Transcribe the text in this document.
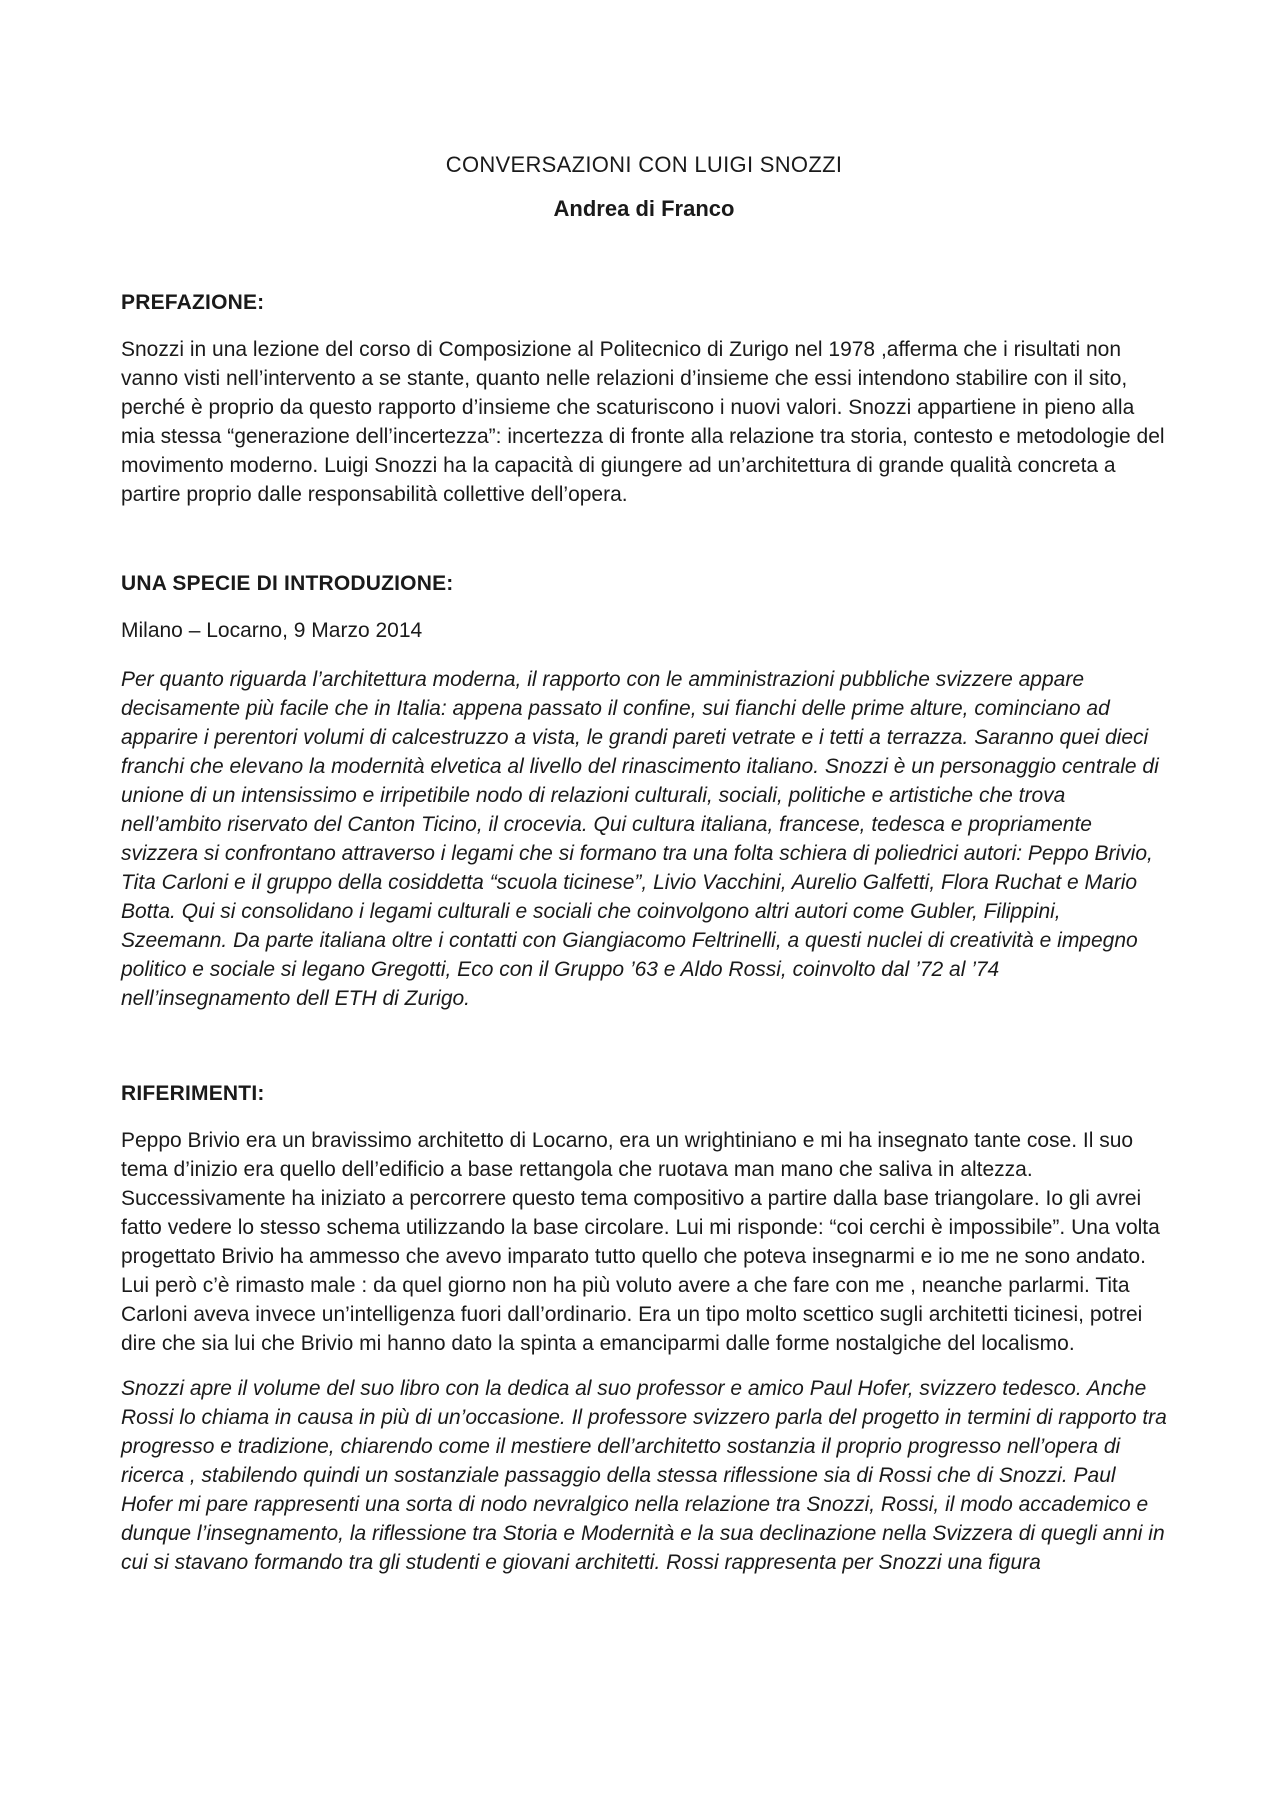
CONVERSAZIONI CON LUIGI SNOZZI
Andrea di Franco
PREFAZIONE:

Snozzi in una lezione del corso di Composizione al Politecnico di Zurigo nel 1978 ,afferma che i risultati non vanno visti nell’intervento a se stante, quanto nelle relazioni d’insieme che essi intendono stabilire con il sito, perché è proprio da questo rapporto d’insieme che scaturiscono i nuovi valori. Snozzi appartiene in pieno alla mia stessa “generazione dell’incertezza”: incertezza di fronte alla relazione tra storia, contesto e metodologie del movimento moderno. Luigi Snozzi ha la capacità di giungere ad un’architettura di grande qualità concreta a partire proprio dalle responsabilità collettive dell’opera.

UNA SPECIE DI INTRODUZIONE:

Milano – Locarno, 9 Marzo 2014

Per quanto riguarda l’architettura moderna, il rapporto con le amministrazioni pubbliche svizzere appare decisamente più facile che in Italia: appena passato il confine, sui fianchi delle prime alture, cominciano ad apparire i perentori volumi di calcestruzzo a vista, le grandi pareti vetrate e i tetti a terrazza. Saranno quei dieci franchi che elevano la modernità elvetica al livello del rinascimento italiano. Snozzi è un personaggio centrale di unione di un intensissimo e irripetibile nodo di relazioni culturali, sociali, politiche e artistiche che trova nell’ambito riservato del Canton Ticino, il crocevia. Qui cultura italiana, francese, tedesca e propriamente svizzera si confrontano attraverso i legami che si formano tra una folta schiera di poliedrici autori: Peppo Brivio, Tita Carloni e il gruppo della cosiddetta “scuola ticinese”, Livio Vacchini, Aurelio Galfetti, Flora Ruchat e Mario Botta. Qui si consolidano i legami culturali e sociali che coinvolgono altri autori come Gubler, Filippini, Szeemann. Da parte italiana oltre i contatti con Giangiacomo Feltrinelli, a questi nuclei di creatività e impegno politico e sociale si legano Gregotti, Eco con il Gruppo ’63 e Aldo Rossi, coinvolto dal ’72 al ’74 nell’insegnamento dell ETH di Zurigo.

RIFERIMENTI:

Peppo Brivio era un bravissimo architetto di Locarno, era un wrightiniano e mi ha insegnato tante cose. Il suo tema d’inizio era quello dell’edificio a base rettangola che ruotava man mano che saliva in altezza. Successivamente ha iniziato a percorrere questo tema compositivo a partire dalla base triangolare. Io gli avrei fatto vedere lo stesso schema utilizzando la base circolare. Lui mi risponde: “coi cerchi è impossibile”. Una volta progettato Brivio ha ammesso che avevo imparato tutto quello che poteva insegnarmi e io me ne sono andato. Lui però c’è rimasto male : da quel giorno non ha più voluto avere a che fare con me , neanche parlarmi. Tita Carloni aveva invece un’intelligenza fuori dall’ordinario. Era un tipo molto scettico sugli architetti ticinesi, potrei dire che sia lui che Brivio mi hanno dato la spinta a emanciparmi dalle forme nostalgiche del localismo.

Snozzi apre il volume del suo libro con la dedica al suo professor e amico Paul Hofer, svizzero tedesco. Anche Rossi lo chiama in causa in più di un’occasione. Il professore svizzero parla del progetto in termini di rapporto tra progresso e tradizione, chiarendo come il mestiere dell’architetto sostanzia il proprio progresso nell’opera di ricerca , stabilendo quindi un sostanziale passaggio della stessa riflessione sia di Rossi che di Snozzi. Paul Hofer mi pare rappresenti una sorta di nodo nevralgico nella relazione tra Snozzi, Rossi, il modo accademico e dunque l’insegnamento, la riflessione tra Storia e Modernità e la sua declinazione nella Svizzera di quegli anni in cui si stavano formando tra gli studenti e giovani architetti. Rossi rappresenta per Snozzi una figura
